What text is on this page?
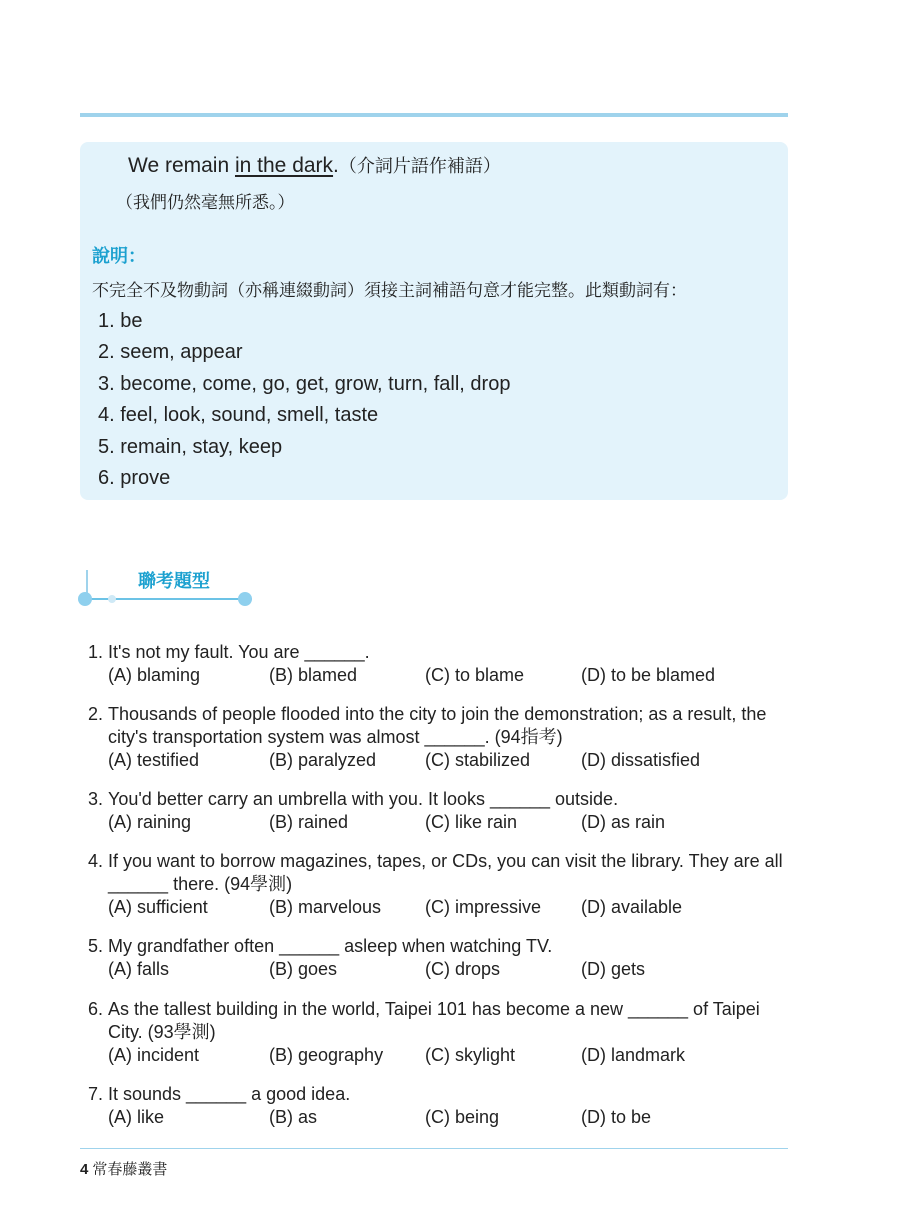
We remain in the dark.（介詞片語作補語）
（我們仍然毫無所悉。）
說明：
不完全不及物動詞（亦稱連綴動詞）須接主詞補語句意才能完整。此類動詞有：
1. be
2. seem, appear
3. become, come, go, get, grow, turn, fall, drop
4. feel, look, sound, smell, taste
5. remain, stay, keep
6. prove
聯考題型
1. It's not my fault. You are ______.
(A) blaming	(B) blamed	(C) to blame	(D) to be blamed
2. Thousands of people flooded into the city to join the demonstration; as a result, the city's transportation system was almost ______. (94指考)
(A) testified	(B) paralyzed	(C) stabilized	(D) dissatisfied
3. You'd better carry an umbrella with you. It looks ______ outside.
(A) raining	(B) rained	(C) like rain	(D) as rain
4. If you want to borrow magazines, tapes, or CDs, you can visit the library. They are all ______ there. (94學測)
(A) sufficient	(B) marvelous (C) impressive (D) available
5. My grandfather often ______ asleep when watching TV.
(A) falls	(B) goes	(C) drops	(D) gets
6. As the tallest building in the world, Taipei 101 has become a new ______ of Taipei City. (93學測)
(A) incident	(B) geography (C) skylight	(D) landmark
7. It sounds ______ a good idea.
(A) like	(B) as	(C) being	(D) to be
4 常春藤叢書
